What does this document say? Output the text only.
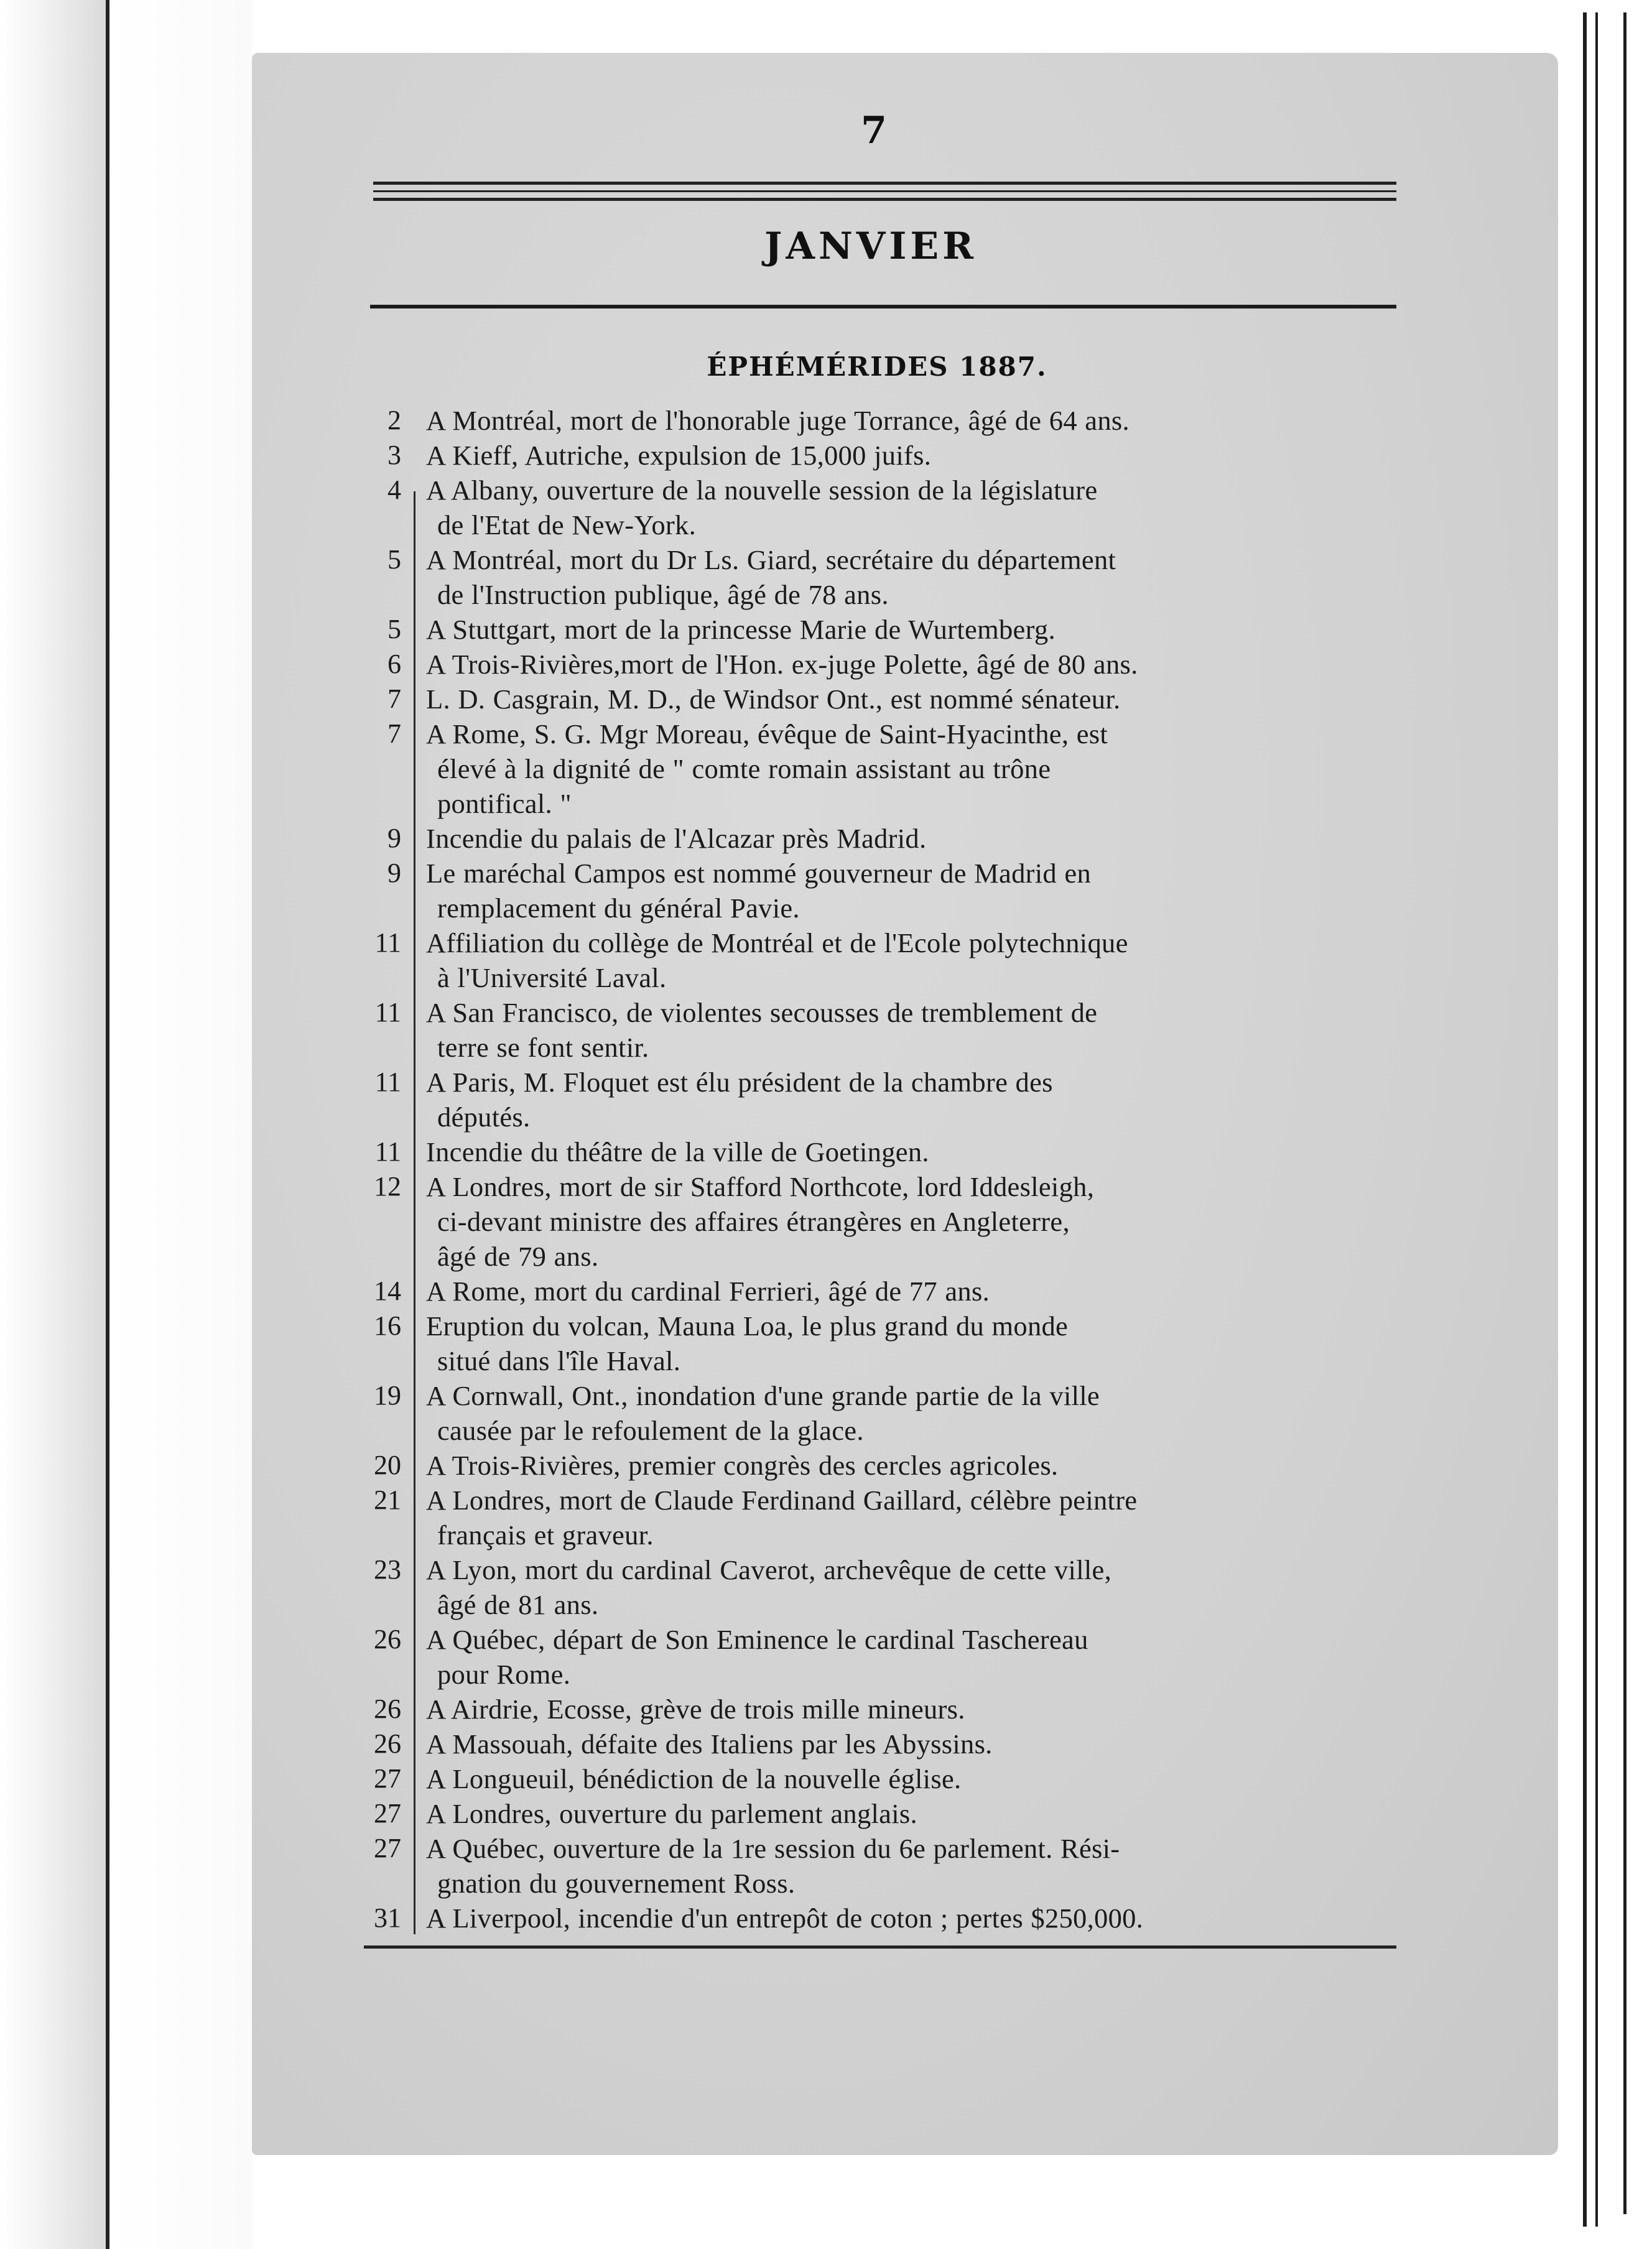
7
JANVIER
ÉPHÉMÉRIDES 1887.
2 A Montréal, mort de l'honorable juge Torrance, âgé de 64 ans.
3 A Kieff, Autriche, expulsion de 15,000 juifs.
4 A Albany, ouverture de la nouvelle session de la législature
de l'Etat de New-York.
5 A Montréal, mort du Dr Ls. Giard, secrétaire du département
de l'Instruction publique, âgé de 78 ans.
5 A Stuttgart, mort de la princesse Marie de Wurtemberg.
6 A Trois-Rivières,mort de l'Hon. ex-juge Polette, âgé de 80 ans.
7 L. D. Casgrain, M. D., de Windsor Ont., est nommé sénateur.
7 A Rome, S. G. Mgr Moreau, évêque de Saint-Hyacinthe, est
élevé à la dignité de " comte romain assistant au trône
pontifical. "
9 Incendie du palais de l'Alcazar près Madrid.
9 Le maréchal Campos est nommé gouverneur de Madrid en
remplacement du général Pavie.
11 Affiliation du collège de Montréal et de l'Ecole polytechnique
à l'Université Laval.
11 A San Francisco, de violentes secousses de tremblement de
terre se font sentir.
11 A Paris, M. Floquet est élu président de la chambre des
députés.
11 Incendie du théâtre de la ville de Goetingen.
12 A Londres, mort de sir Stafford Northcote, lord Iddesleigh,
ci-devant ministre des affaires étrangères en Angleterre,
âgé de 79 ans.
14 A Rome, mort du cardinal Ferrieri, âgé de 77 ans.
16 Eruption du volcan, Mauna Loa, le plus grand du monde
situé dans l'île Haval.
19 A Cornwall, Ont., inondation d'une grande partie de la ville
causée par le refoulement de la glace.
20 A Trois-Rivières, premier congrès des cercles agricoles.
21 A Londres, mort de Claude Ferdinand Gaillard, célèbre peintre
français et graveur.
23 A Lyon, mort du cardinal Caverot, archevêque de cette ville,
âgé de 81 ans.
26 A Québec, départ de Son Eminence le cardinal Taschereau
pour Rome.
26 A Airdrie, Ecosse, grève de trois mille mineurs.
26 A Massouah, défaite des Italiens par les Abyssins.
27 A Longueuil, bénédiction de la nouvelle église.
27 A Londres, ouverture du parlement anglais.
27 A Québec, ouverture de la 1re session du 6e parlement. Rési-
gnation du gouvernement Ross.
31 A Liverpool, incendie d'un entrepôt de coton ; pertes $250,000.
